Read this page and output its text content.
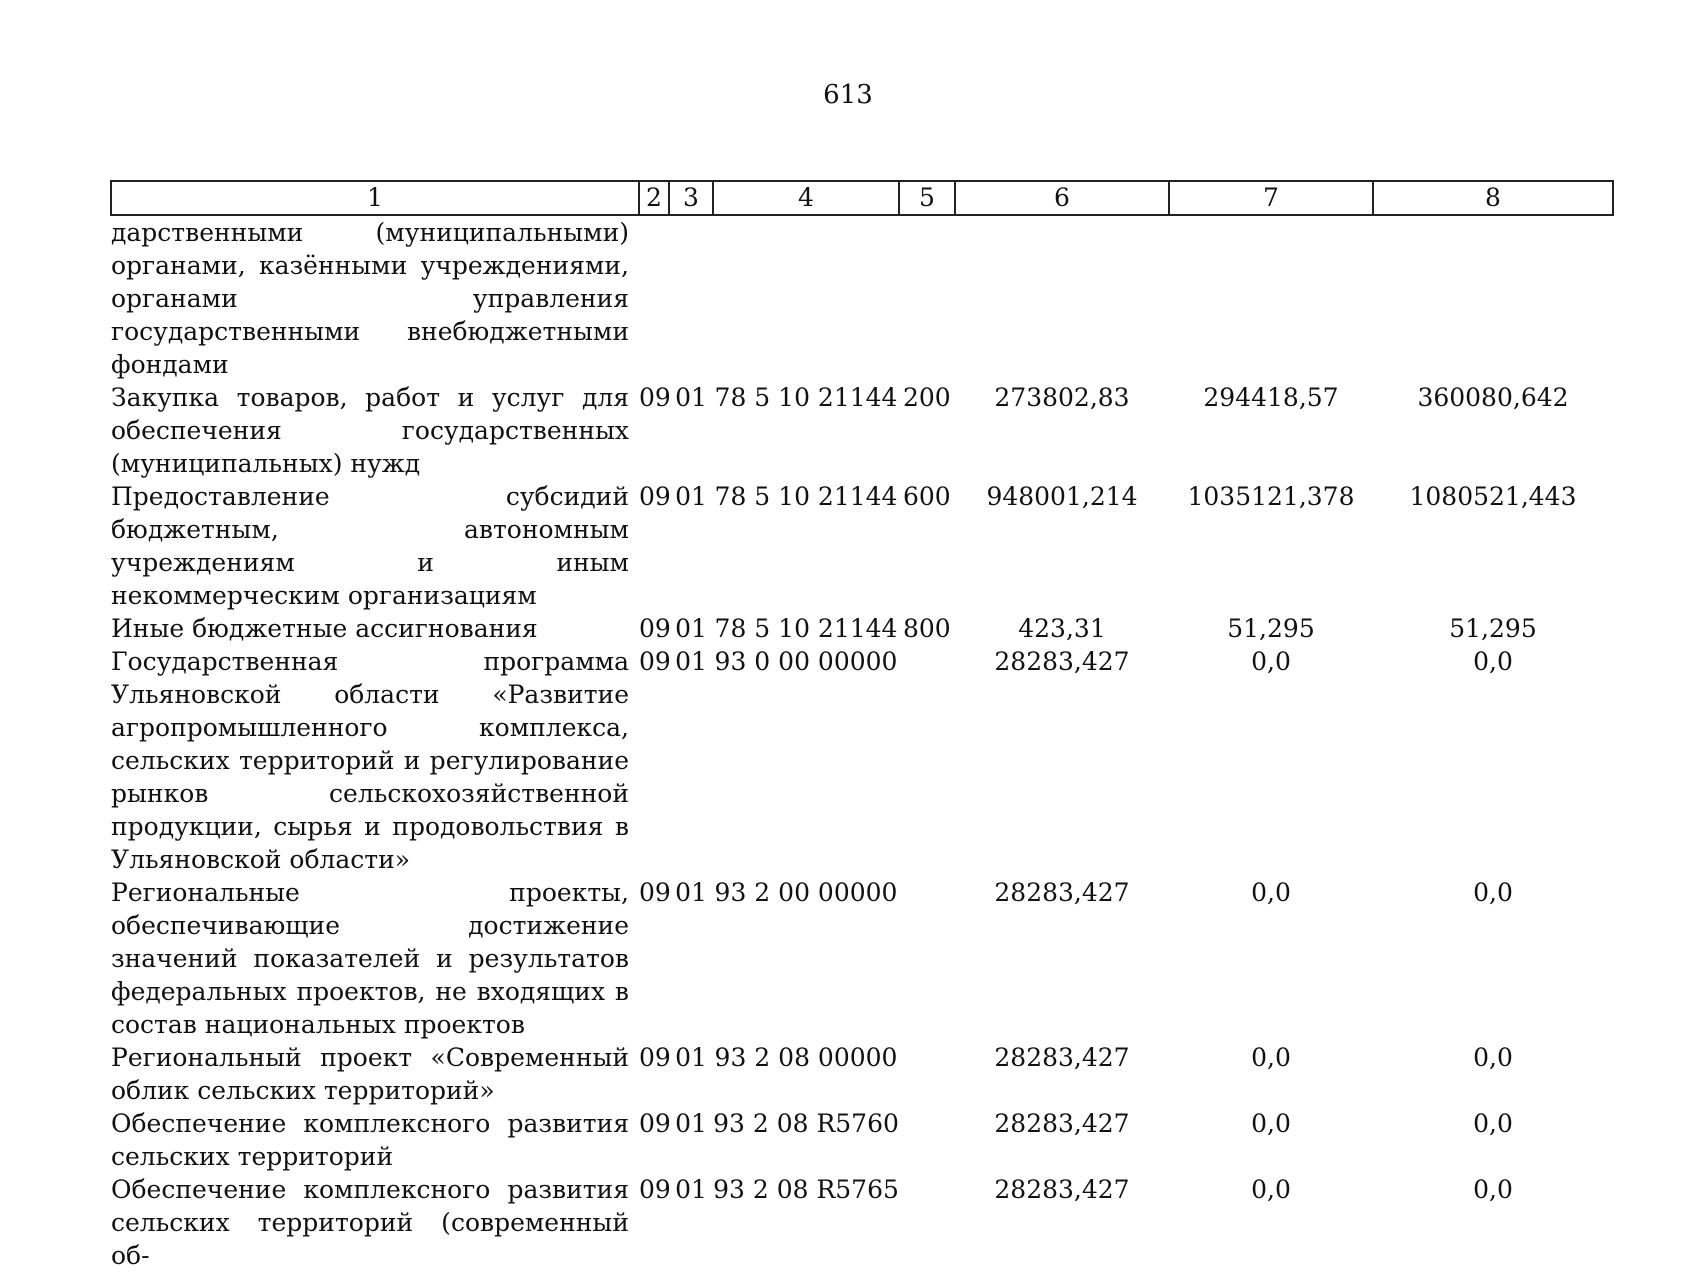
613
1	2	3	4	5	6	7	8
дарственными (муниципальными) органами, казёнными учреждениями, органами управления государственными внебюджетными фондами							
Закупка товаров, работ и услуг для обеспечения государственных (муниципальных) нужд	09	01	78 5 10 21144	200	273802,83	294418,57	360080,642
Предоставление субсидий бюджетным, автономным учреждениям и иным некоммерческим организациям	09	01	78 5 10 21144	600	948001,214	1035121,378	1080521,443
Иные бюджетные ассигнования	09	01	78 5 10 21144	800	423,31	51,295	51,295
Государственная программа Ульяновской области «Развитие агропромышленного комплекса, сельских территорий и регулирование рынков сельскохозяйственной продукции, сырья и продовольствия в Ульяновской области»	09	01	93 0 00 00000		28283,427	0,0	0,0
Региональные проекты, обеспечивающие достижение значений показателей и результатов федеральных проектов, не входящих в состав национальных проектов	09	01	93 2 00 00000		28283,427	0,0	0,0
Региональный проект «Современный облик сельских территорий»	09	01	93 2 08 00000		28283,427	0,0	0,0
Обеспечение комплексного развития сельских территорий	09	01	93 2 08 R5760		28283,427	0,0	0,0
Обеспечение комплексного развития сельских территорий (современный об-	09	01	93 2 08 R5765		28283,427	0,0	0,0
